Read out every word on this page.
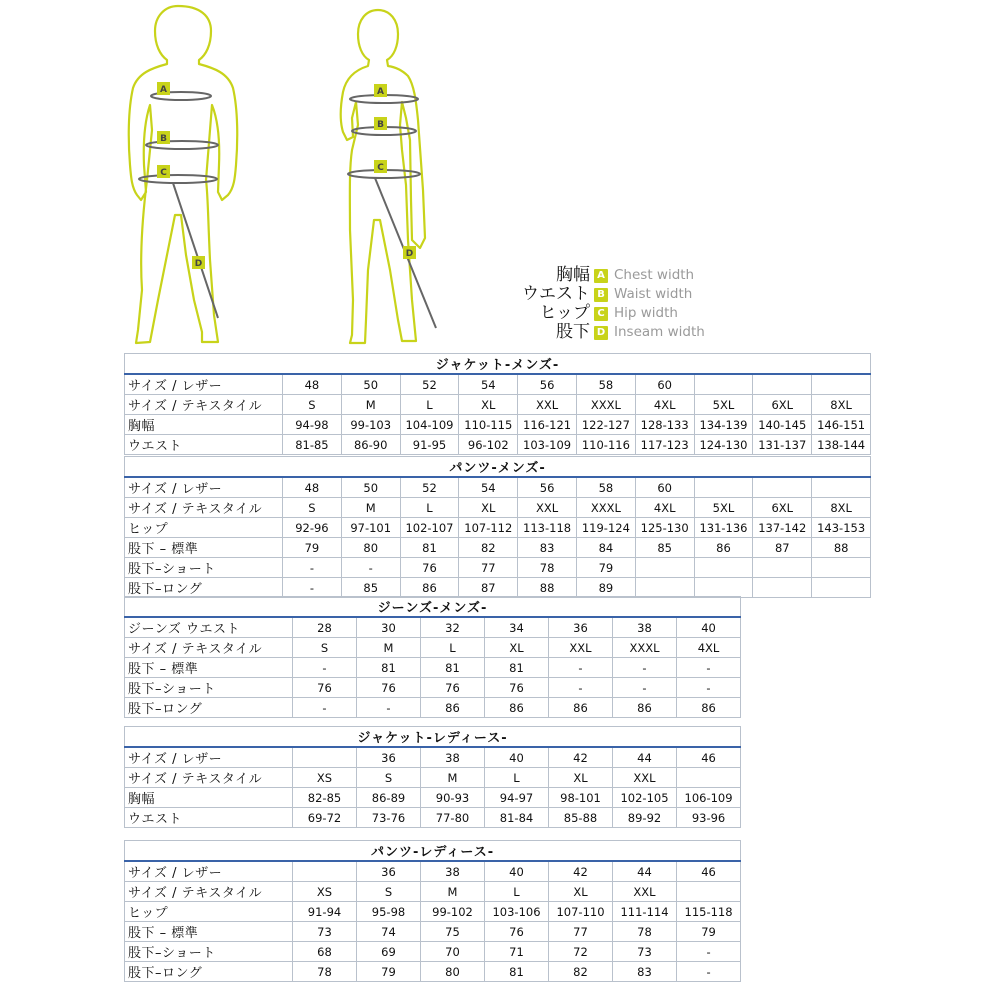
A
B
C
D
A
B
C
D
胸幅 A Chest width
ウエスト B Waist width
ヒップ C Hip width
股下 D Inseam width
ジャケット-メンズ-										
サイズ / レザー	48	50	52	54	56	58	60			
サイズ / テキスタイル	S	M	L	XL	XXL	XXXL	4XL	5XL	6XL	8XL
胸幅	94-98	99-103	104-109	110-115	116-121	122-127	128-133	134-139	140-145	146-151
ウエスト	81-85	86-90	91-95	96-102	103-109	110-116	117-123	124-130	131-137	138-144
パンツ-メンズ-										
サイズ / レザー	48	50	52	54	56	58	60			
サイズ / テキスタイル	S	M	L	XL	XXL	XXXL	4XL	5XL	6XL	8XL
ヒップ	92-96	97-101	102-107	107-112	113-118	119-124	125-130	131-136	137-142	143-153
股下 – 標準	79	80	81	82	83	84	85	86	87	88
股下–ショート	-	-	76	77	78	79				
股下–ロング	-	85	86	87	88	89				
ジーンズ-メンズ-							
ジーンズ ウエスト	28	30	32	34	36	38	40
サイズ / テキスタイル	S	M	L	XL	XXL	XXXL	4XL
股下 – 標準	-	81	81	81	-	-	-
股下–ショート	76	76	76	76	-	-	-
股下–ロング	-	-	86	86	86	86	86
ジャケット-レディース-							
サイズ / レザー		36	38	40	42	44	46
サイズ / テキスタイル	XS	S	M	L	XL	XXL	
胸幅	82-85	86-89	90-93	94-97	98-101	102-105	106-109
ウエスト	69-72	73-76	77-80	81-84	85-88	89-92	93-96
パンツ-レディース-							
サイズ / レザー		36	38	40	42	44	46
サイズ / テキスタイル	XS	S	M	L	XL	XXL	
ヒップ	91-94	95-98	99-102	103-106	107-110	111-114	115-118
股下 – 標準	73	74	75	76	77	78	79
股下–ショート	68	69	70	71	72	73	-
股下–ロング	78	79	80	81	82	83	-
